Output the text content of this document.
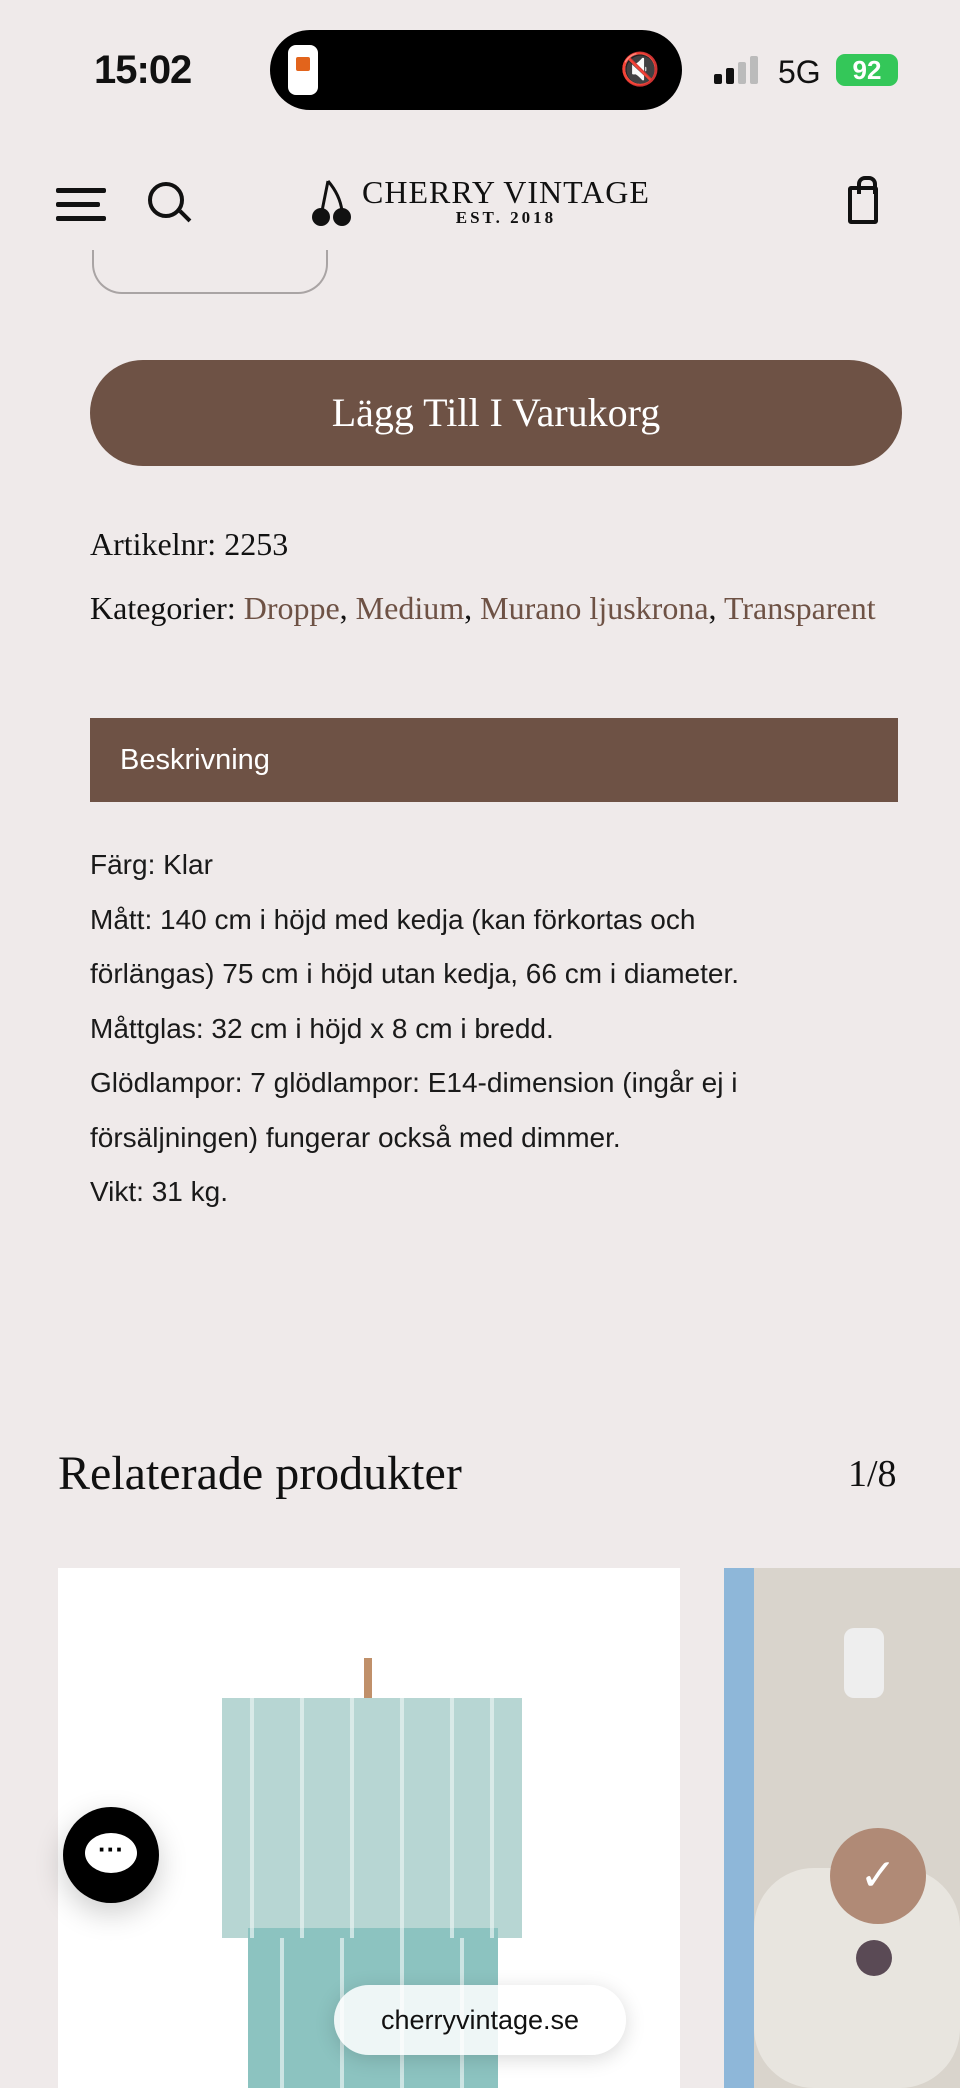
15:02	🔇	5G	92
CHERRY VINTAGE
EST. 2018
Lägg Till I Varukorg
Artikelnr: 2253
Kategorier: Droppe, Medium, Murano ljuskrona, Transparent
Beskrivning
Färg: Klar
Mått: 140 cm i höjd med kedja (kan förkortas och
förlängas) 75 cm i höjd utan kedja, 66 cm i diameter.
Måttglas: 32 cm i höjd x 8 cm i bredd.
Glödlampor: 7 glödlampor: E14-dimension (ingår ej i
försäljningen) fungerar också med dimmer.
Vikt: 31 kg.
Relaterade produkter	1/8
···
✓
cherryvintage.se
